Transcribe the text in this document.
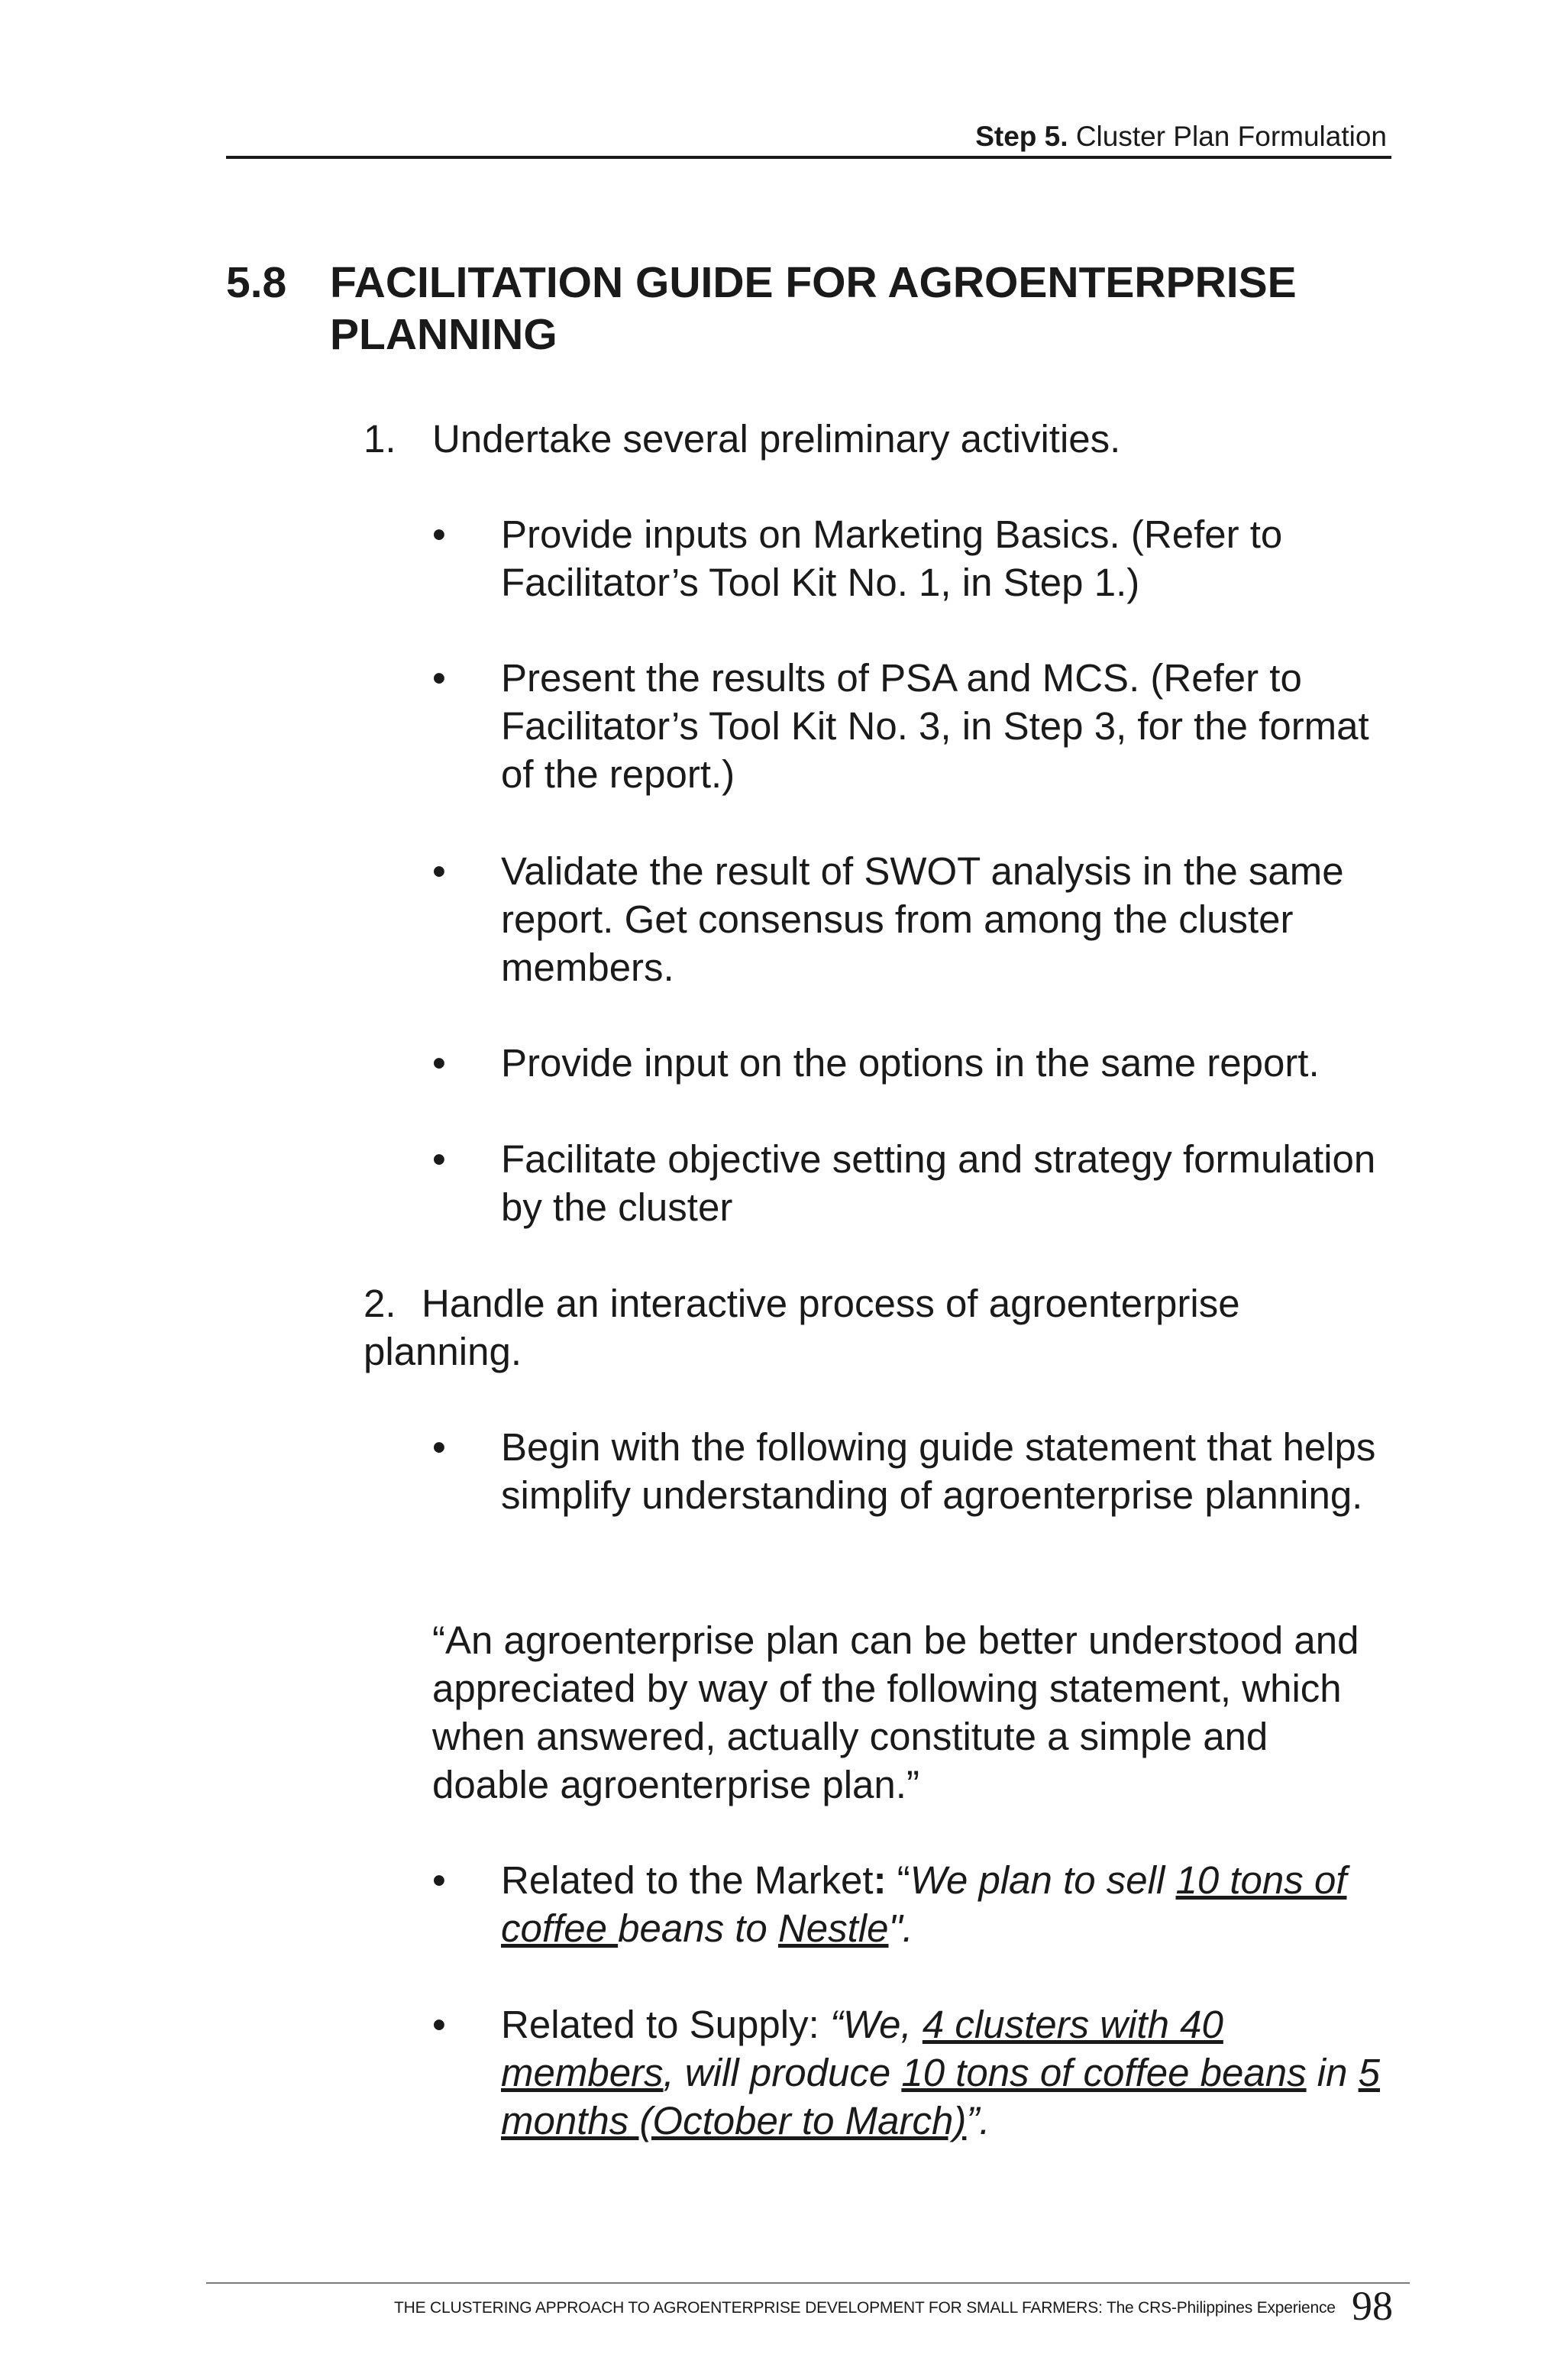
Step 5. Cluster Plan Formulation
5.8 FACILITATION GUIDE FOR AGROENTERPRISE PLANNING
1. Undertake several preliminary activities.
•	Provide inputs on Marketing Basics. (Refer to Facilitator’s Tool Kit No. 1, in Step 1.)
•	Present the results of PSA and MCS. (Refer to Facilitator’s Tool Kit No. 3, in Step 3, for the format of the report.)
•	Validate the result of SWOT analysis in the same report. Get consensus from among the cluster members.
•	Provide input on the options in the same report.
•	Facilitate objective setting and strategy formulation by the cluster
2. Handle an interactive process of agroenterprise planning.
•	Begin with the following guide statement that helps simplify understanding of agroenterprise planning.
“An agroenterprise plan can be better understood and appreciated by way of the following statement, which when answered, actually constitute a simple and doable agroenterprise plan.”
•	Related to the Market: “We plan to sell 10 tons of coffee beans to Nestle".
•	Related to Supply: “We, 4 clusters with 40 members, will produce 10 tons of coffee beans in 5 months (October to March)”.
THE CLUSTERING APPROACH TO AGROENTERPRISE DEVELOPMENT FOR SMALL FARMERS: The CRS-Philippines Experience 98
